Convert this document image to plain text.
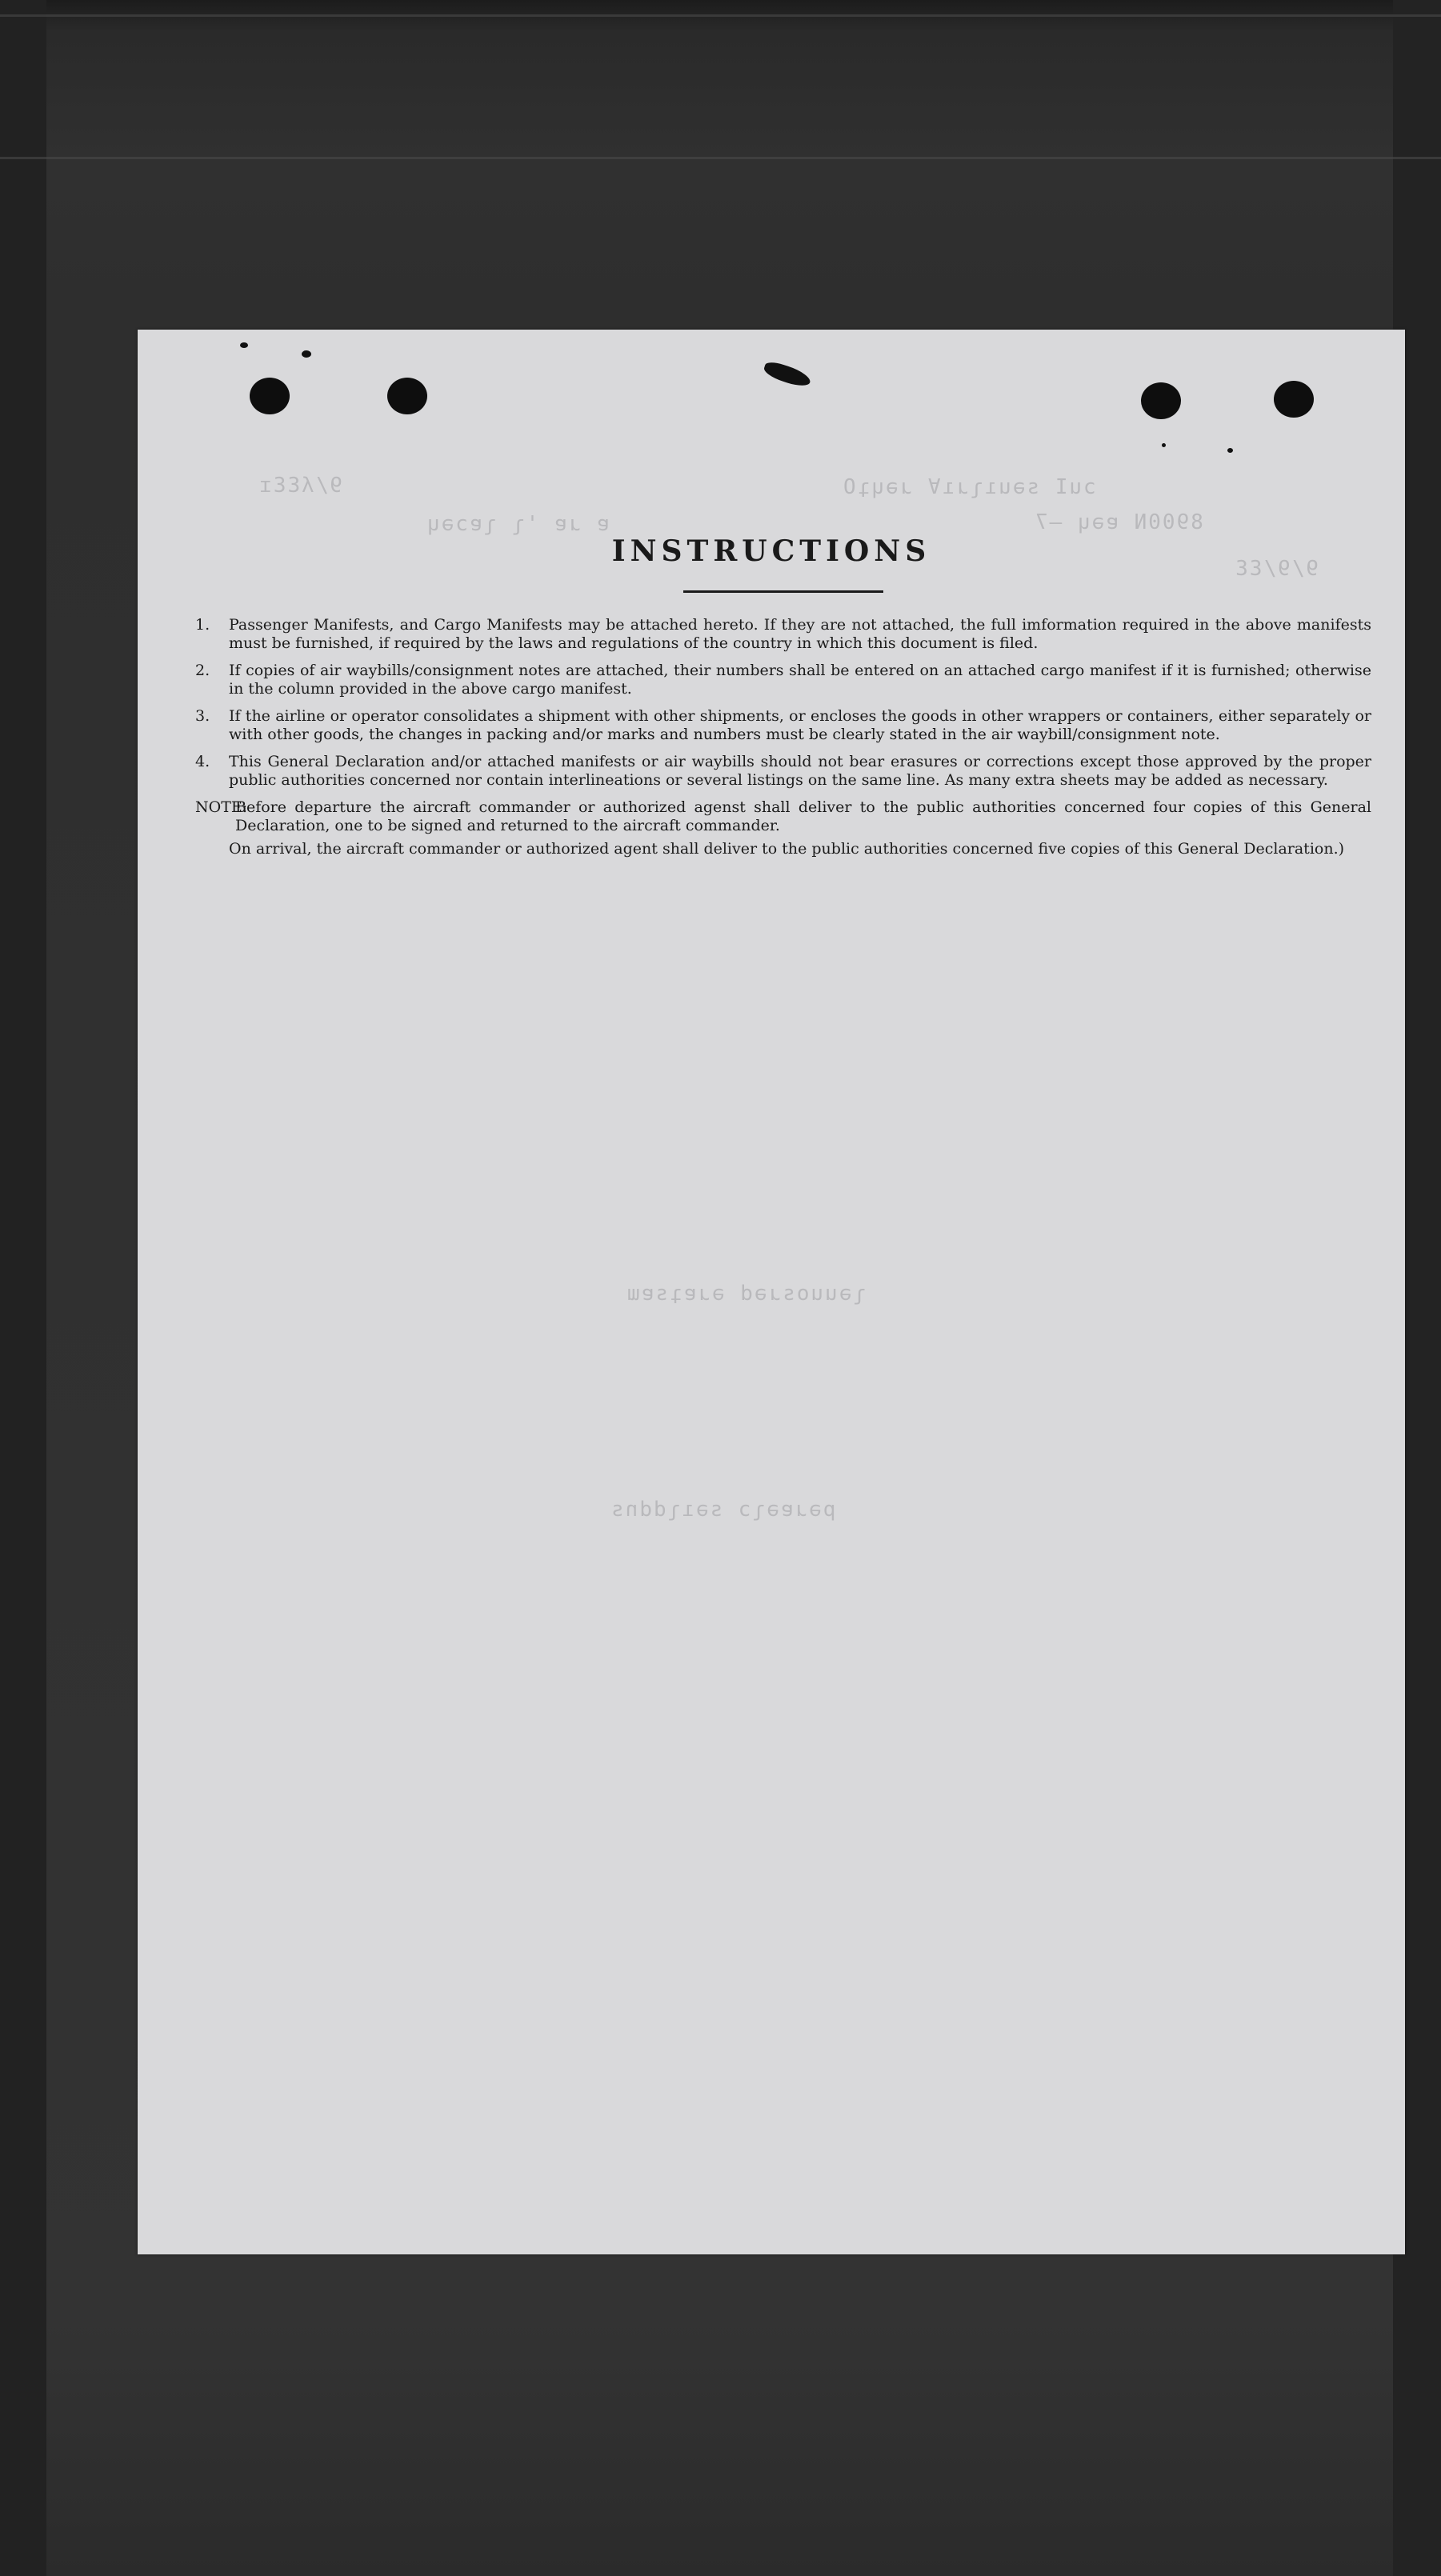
9/ʎƐƐɪ	ɔuI sǝuıʅɹıⱯ ɹǝɥʇO
8900N ɐǝɥ –7
ɐ ɹɐ 'ʅ ʅɐɔǝɥ
9/9/ƐƐ
ʅǝuuosɹǝd ǝɹɐʇsɐɯ
pǝɹɐǝʅɔ sǝıʅddns
INSTRUCTIONS
1.	Passenger Manifests, and Cargo Manifests may be attached hereto. If they are not attached, the full imformation required in the above manifests must be furnished, if required by the laws and regulations of the country in which this document is filed.
2.	If copies of air waybills/consignment notes are attached, their numbers shall be entered on an attached cargo manifest if it is furnished; otherwise in the column provided in the above cargo manifest.
3.	If the airline or operator consolidates a shipment with other shipments, or encloses the goods in other wrappers or containers, either separately or with other goods, the changes in packing and/or marks and numbers must be clearly stated in the air waybill/consignment note.
4.	This General Declaration and/or attached manifests or air waybills should not bear erasures or corrections except those approved by the proper public authorities concerned nor contain interlineations or several listings on the same line. As many extra sheets may be added as necessary.
NOTE:
Before departure the aircraft commander or authorized agenst shall deliver to the public authorities concerned four copies of this General Declaration, one to be signed and returned to the aircraft commander.
On arrival, the aircraft commander or authorized agent shall deliver to the public authorities concerned five copies of this General Declaration.)
